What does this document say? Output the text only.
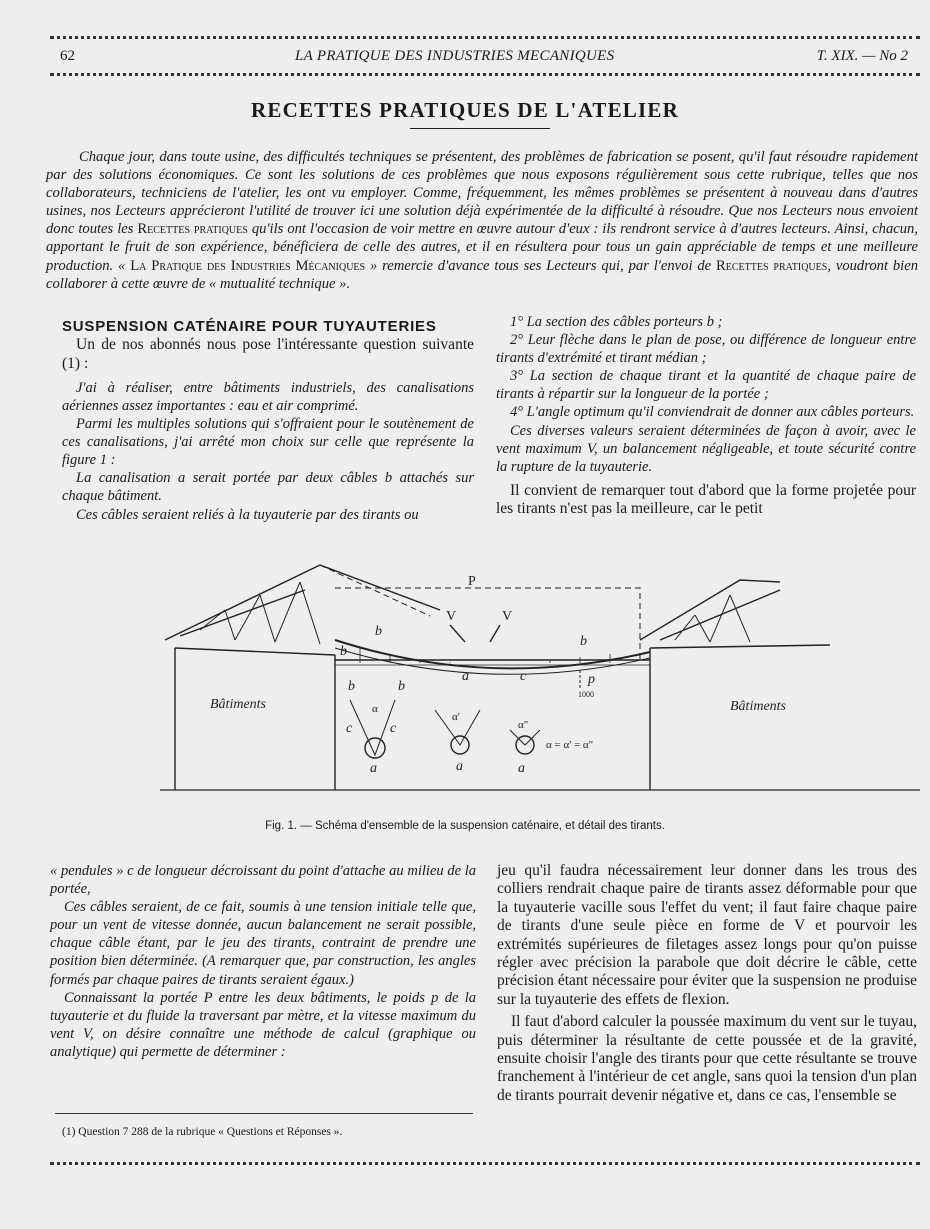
62	LA PRATIQUE DES INDUSTRIES MECANIQUES	T. XIX. — No 2
RECETTES PRATIQUES DE L'ATELIER
Chaque jour, dans toute usine, des difficultés techniques se présentent, des problèmes de fabrication se posent, qu'il faut résoudre rapidement par des solutions économiques. Ce sont les solutions de ces problèmes que nous exposons régulièrement sous cette rubrique, telles que nos collaborateurs, techniciens de l'atelier, les ont vu employer. Comme, fréquemment, les mêmes problèmes se présentent à nouveau dans d'autres usines, nos Lecteurs apprécieront l'utilité de trouver ici une solution déjà expérimentée de la difficulté à résoudre. Que nos Lecteurs nous envoient donc toutes les Recettes pratiques qu'ils ont l'occasion de voir mettre en œuvre autour d'eux : ils rendront service à d'autres lecteurs. Ainsi, chacun, apportant le fruit de son expérience, bénéficiera de celle des autres, et il en résultera pour tous un gain appréciable de temps et une meilleure production. « La Pratique des Industries Mécaniques » remercie d'avance tous ses Lecteurs qui, par l'envoi de Recettes pratiques, voudront bien collaborer à cette œuvre de « mutualité technique ».

SUSPENSION CATÉNAIRE POUR TUYAUTERIES

Un de nos abonnés nous pose l'intéressante question suivante (1) :

J'ai à réaliser, entre bâtiments industriels, des canalisations aériennes assez importantes : eau et air comprimé.

Parmi les multiples solutions qui s'offraient pour le soutènement de ces canalisations, j'ai arrêté mon choix sur celle que représente la figure 1 :

La canalisation a serait portée par deux câbles b attachés sur chaque bâtiment.

Ces câbles seraient reliés à la tuyauterie par des tirants ou

1° La section des câbles porteurs b ;

2° Leur flèche dans le plan de pose, ou différence de longueur entre tirants d'extrémité et tirant médian ;

3° La section de chaque tirant et la quantité de chaque paire de tirants à répartir sur la longueur de la portée ;

4° L'angle optimum qu'il conviendrait de donner aux câbles porteurs.

Ces diverses valeurs seraient déterminées de façon à avoir, avec le vent maximum V, un balancement négligeable, et toute sécurité contre la rupture de la tuyauterie.

Il convient de remarquer tout d'abord que la forme projetée pour les tirants n'est pas la meilleure, car le petit

Bâtiments	Bâtiments
P
V	V
a
b
b
b
c	p
1000
b	b
c	c
a	a	a
α
α'
α"
α = α' = α"
Fig. 1. — Schéma d'ensemble de la suspension caténaire, et détail des tirants.

« pendules » c de longueur décroissant du point d'attache au milieu de la portée,

Ces câbles seraient, de ce fait, soumis à une tension initiale telle que, pour un vent de vitesse donnée, aucun balancement ne serait possible, chaque câble étant, par le jeu des tirants, contraint de prendre une position bien déterminée. (A remarquer que, par construction, les angles formés par chaque paires de tirants seraient égaux.)

Connaissant la portée P entre les deux bâtiments, le poids p de la tuyauterie et du fluide la traversant par mètre, et la vitesse maximum du vent V, on désire connaître une méthode de calcul (graphique ou analytique) qui permette de déterminer :

jeu qu'il faudra nécessairement leur donner dans les trous des colliers rendrait chaque paire de tirants assez déformable pour que la tuyauterie vacille sous l'effet du vent; il faut faire chaque paire de tirants d'une seule pièce en forme de V et pourvoir les extrémités supérieures de filetages assez longs pour qu'on puisse régler avec précision la parabole que doit décrire le câble, cette précision étant nécessaire pour éviter que la suspension ne produise sur la tuyauterie des effets de flexion.

Il faut d'abord calculer la poussée maximum du vent sur le tuyau, puis déterminer la résultante de cette poussée et de la gravité, ensuite choisir l'angle des tirants pour que cette résultante se trouve franchement à l'intérieur de cet angle, sans quoi la tension d'un plan de tirants pourrait devenir négative et, dans ce cas, l'ensemble se

(1) Question 7 288 de la rubrique « Questions et Réponses ».
